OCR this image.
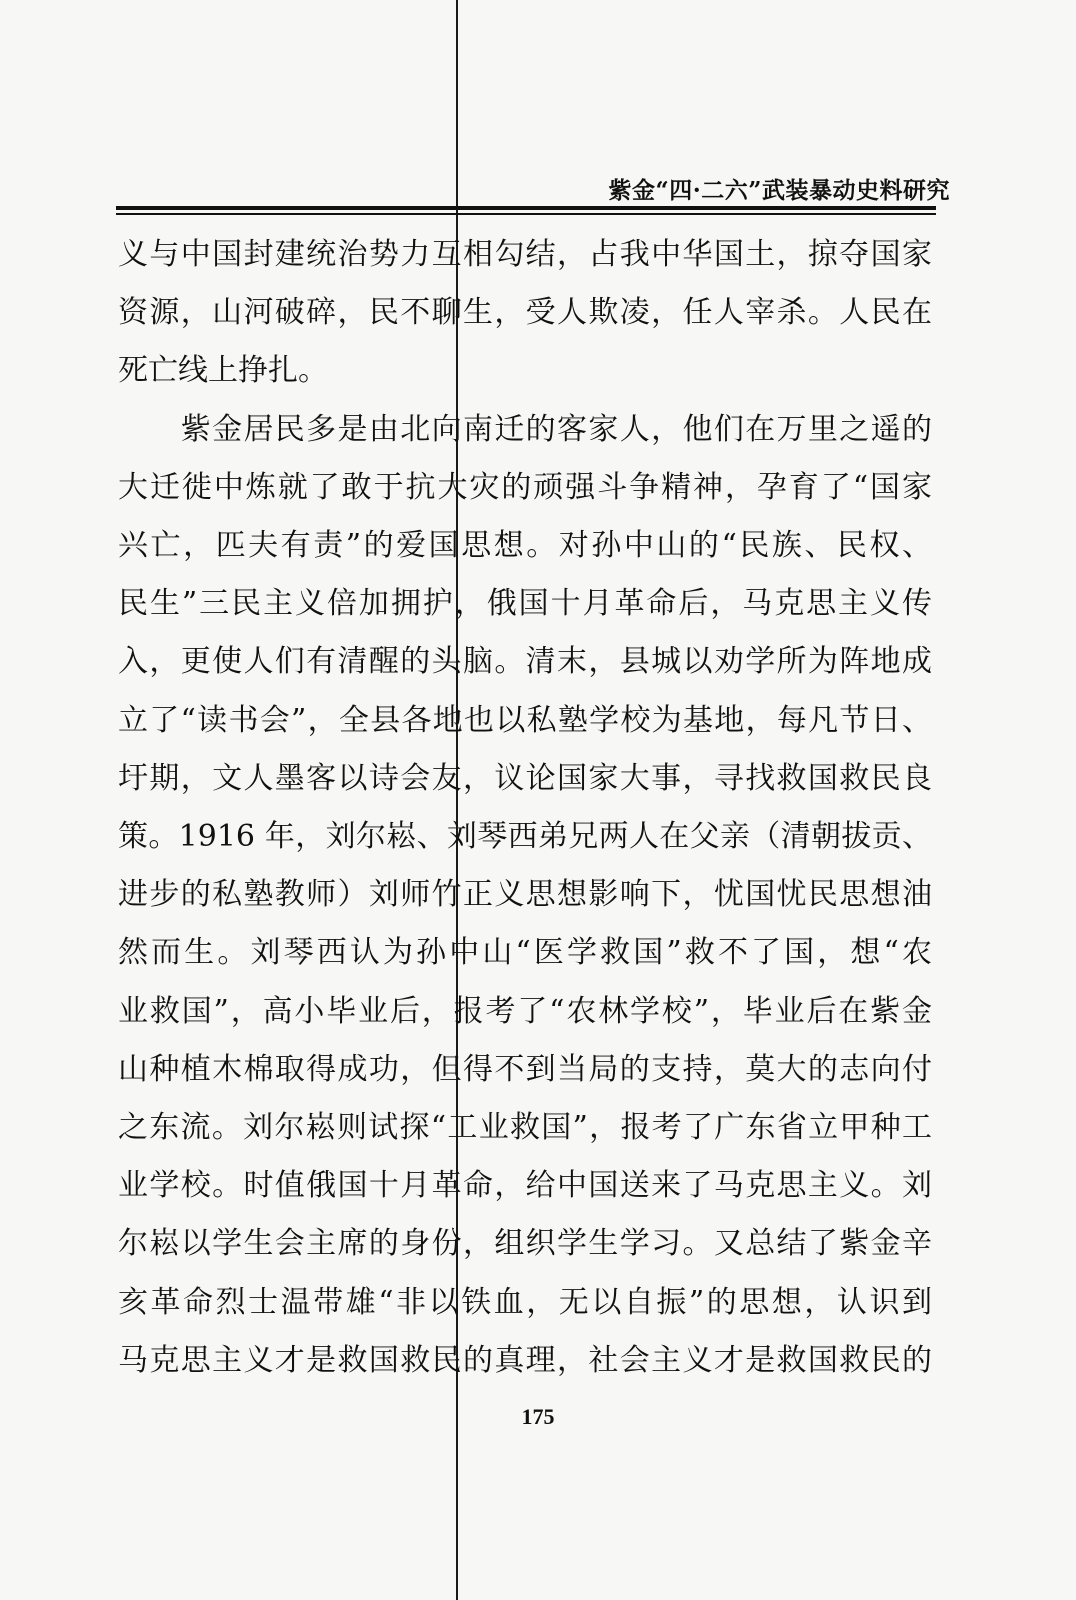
紫金“四·二六”武装暴动史料研究

义与中国封建统治势力互相勾结，占我中华国土，掠夺国家
资源，山河破碎，民不聊生，受人欺凌，任人宰杀。人民在
死亡线上挣扎。

　　紫金居民多是由北向南迁的客家人，他们在万里之遥的
大迁徙中炼就了敢于抗大灾的顽强斗争精神，孕育了“国家
兴亡，匹夫有责”的爱国思想。对孙中山的“民族、民权、
民生”三民主义倍加拥护，俄国十月革命后，马克思主义传
入，更使人们有清醒的头脑。清末，县城以劝学所为阵地成
立了“读书会”，全县各地也以私塾学校为基地，每凡节日、
圩期，文人墨客以诗会友，议论国家大事，寻找救国救民良
策。1916 年，刘尔崧、刘琴西弟兄两人在父亲（清朝拔贡、
进步的私塾教师）刘师竹正义思想影响下，忧国忧民思想油
然而生。刘琴西认为孙中山“医学救国”救不了国，想“农
业救国”，高小毕业后，报考了“农林学校”，毕业后在紫金
山种植木棉取得成功，但得不到当局的支持，莫大的志向付
之东流。刘尔崧则试探“工业救国”，报考了广东省立甲种工
业学校。时值俄国十月革命，给中国送来了马克思主义。刘
尔崧以学生会主席的身份，组织学生学习。又总结了紫金辛
亥革命烈士温带雄“非以铁血，无以自振”的思想，认识到
马克思主义才是救国救民的真理，社会主义才是救国救民的

175
